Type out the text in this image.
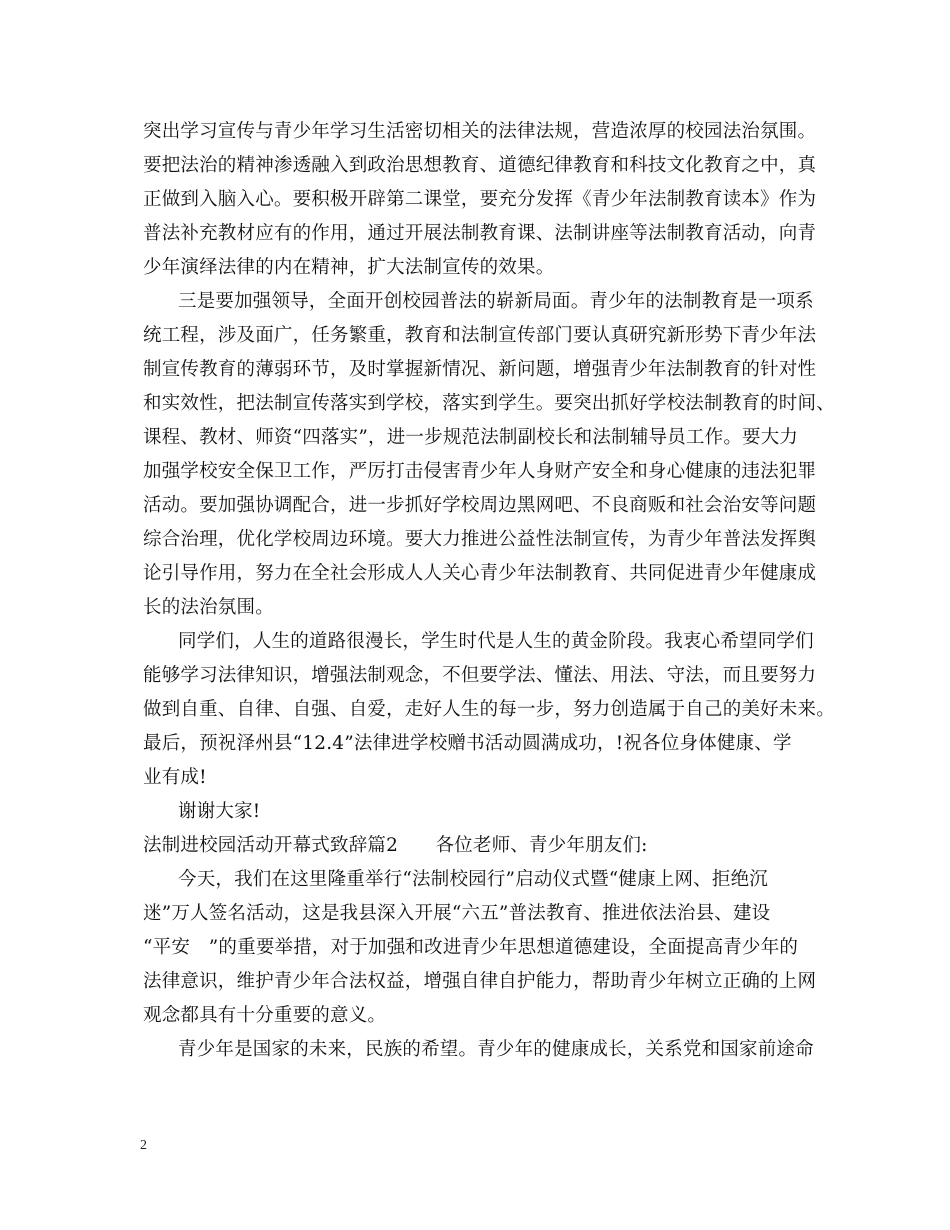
突出学习宣传与青少年学习生活密切相关的法律法规，营造浓厚的校园法治氛围。
要把法治的精神渗透融入到政治思想教育、道德纪律教育和科技文化教育之中，真
正做到入脑入心。要积极开辟第二课堂，要充分发挥《青少年法制教育读本》作为
普法补充教材应有的作用，通过开展法制教育课、法制讲座等法制教育活动，向青
少年演绎法律的内在精神，扩大法制宣传的效果。
三是要加强领导，全面开创校园普法的崭新局面。青少年的法制教育是一项系
统工程，涉及面广，任务繁重，教育和法制宣传部门要认真研究新形势下青少年法
制宣传教育的薄弱环节，及时掌握新情况、新问题，增强青少年法制教育的针对性
和实效性，把法制宣传落实到学校，落实到学生。要突出抓好学校法制教育的时间、
课程、教材、师资“四落实”，进一步规范法制副校长和法制辅导员工作。要大力
加强学校安全保卫工作，严厉打击侵害青少年人身财产安全和身心健康的违法犯罪
活动。要加强协调配合，进一步抓好学校周边黑网吧、不良商贩和社会治安等问题
综合治理，优化学校周边环境。要大力推进公益性法制宣传，为青少年普法发挥舆
论引导作用，努力在全社会形成人人关心青少年法制教育、共同促进青少年健康成
长的法治氛围。
同学们，人生的道路很漫长，学生时代是人生的黄金阶段。我衷心希望同学们
能够学习法律知识，增强法制观念，不但要学法、懂法、用法、守法，而且要努力
做到自重、自律、自强、自爱，走好人生的每一步，努力创造属于自己的美好未来。
最后，预祝泽州县“12.4”法律进学校赠书活动圆满成功，!祝各位身体健康、学
业有成!
谢谢大家!
法制进校园活动开幕式致辞篇2　　各位老师、青少年朋友们:
今天，我们在这里隆重举行“法制校园行”启动仪式暨“健康上网、拒绝沉
迷”万人签名活动，这是我县深入开展“六五”普法教育、推进依法治县、建设
“平安　”的重要举措，对于加强和改进青少年思想道德建设，全面提高青少年的
法律意识，维护青少年合法权益，增强自律自护能力，帮助青少年树立正确的上网
观念都具有十分重要的意义。
青少年是国家的未来，民族的希望。青少年的健康成长，关系党和国家前途命
2
